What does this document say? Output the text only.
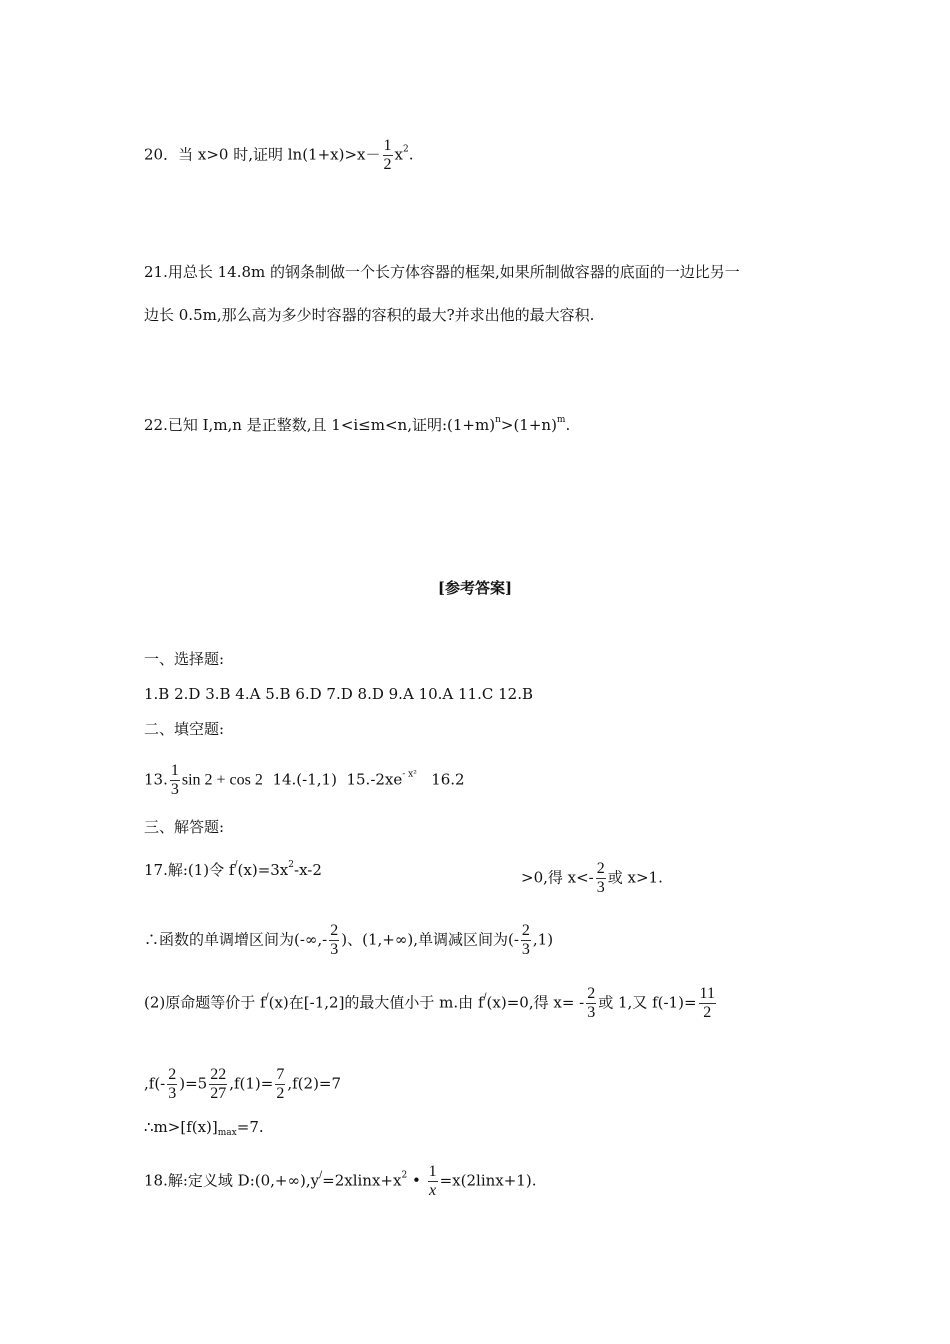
20．当 x>0 时,证明 $\ln(1+x)>x- \frac{1}{2} x^2$.
21.用总长 14.8m 的钢条制做一个长方体容器的框架,如果所制做容器的底面的一边比另一
边长 0.5m,那么高为多少时容器的容积的最大?并求出他的最大容积.
22.已知 I,m,n 是正整数,且 1<i≤m<n,证明$:(1+m)^n>(1+n)^m$.
[参考答案]
一、选择题:
1.B 2.D 3.B 4.A 5.B 6.D 7.D 8.D 9.A 10.A 11.C 12.B
二、填空题:
13. $\frac{1}{3}$ sin 2 + cos 2 14.(-1,1) $15.-2xe^{- x^2}$ 16.2
三、解答题:
17.解:(1)令 $f^/(x)=3x^2-x-2$	>0,得 $x<- \frac{2}{3}$ 或 x>1.
∴函数的单调增区间为(-∞,- $\frac{2}{3}$ )、(1,+∞),单调减区间为(- $\frac{2}{3} ,1$)
(2)原命题等价于 f/(x)在[-1,2]的最大值小于 m.由 f/(x)=0,得 $x= - \frac{2}{3}$ 或 1,又 $f(-1)= \frac{11}{2}$
$,f(- \frac{2}{3} )=5 \frac{22}{27} ,f(1)= \frac{7}{2} ,f(2)=7$
$\therefore m>[f(x)]_{max}=7$.
18.解:定义域 $D:(0,+\infty),y^/=2xlinx+x^2$ • $\frac{1}{x}$ =x(2linx+1).
